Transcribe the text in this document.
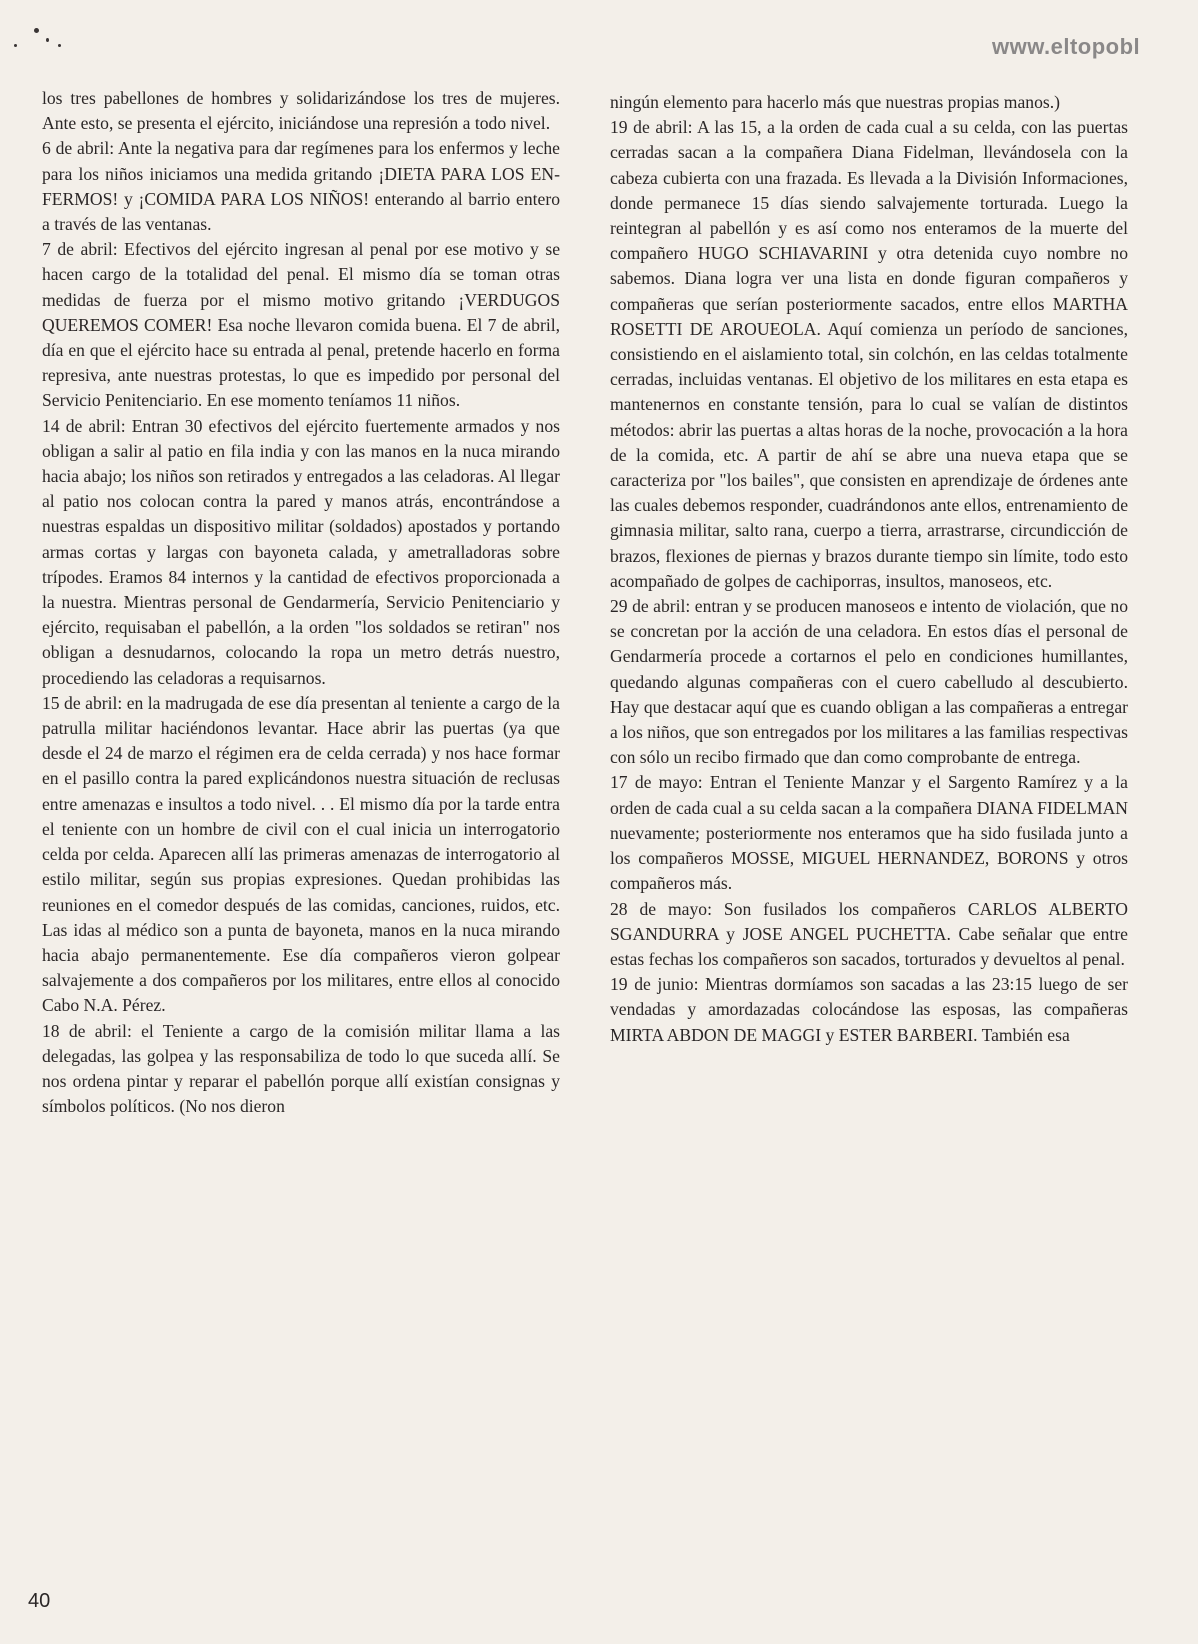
www.eltopobl

los tres pabellones de hombres y solidarizándose los tres de mujeres. Ante esto, se presenta el ejército, iniciándose una represión a todo nivel.

6 de abril: Ante la negativa para dar regímenes para los enfermos y leche para los niños iniciamos una medida gritando ¡DIETA PARA LOS EN-FERMOS! y ¡COMIDA PARA LOS NIÑOS! enterando al barrio entero a través de las ventanas.

7 de abril: Efectivos del ejército ingresan al penal por ese motivo y se hacen cargo de la totalidad del penal. El mismo día se toman otras medidas de fuerza por el mismo motivo gritando ¡VERDUGOS QUEREMOS COMER! Esa noche llevaron comida buena. El 7 de abril, día en que el ejército hace su entrada al penal, pretende hacerlo en forma represiva, ante nuestras protestas, lo que es impedido por personal del Servicio Penitenciario. En ese momento teníamos 11 niños.

14 de abril: Entran 30 efectivos del ejército fuertemente armados y nos obligan a salir al patio en fila india y con las manos en la nuca mirando hacia abajo; los niños son retirados y entregados a las celadoras. Al llegar al patio nos colocan contra la pared y manos atrás, encontrándose a nuestras espaldas un dispositivo militar (soldados) apostados y portando armas cortas y largas con bayoneta calada, y ametralladoras sobre trípodes. Eramos 84 internos y la cantidad de efectivos proporcionada a la nuestra. Mientras personal de Gendarmería, Servicio Penitenciario y ejército, requisaban el pabellón, a la orden "los soldados se retiran" nos obligan a desnudarnos, colocando la ropa un metro detrás nuestro, procediendo las celadoras a requisarnos.

15 de abril: en la madrugada de ese día presentan al teniente a cargo de la patrulla militar haciéndonos levantar. Hace abrir las puertas (ya que desde el 24 de marzo el régimen era de celda cerrada) y nos hace formar en el pasillo contra la pared explicándonos nuestra situación de reclusas entre amenazas e insultos a todo nivel. . . El mismo día por la tarde entra el teniente con un hombre de civil con el cual inicia un interrogatorio celda por celda. Aparecen allí las primeras amenazas de interrogatorio al estilo militar, según sus propias expresiones. Quedan prohibidas las reuniones en el comedor después de las comidas, canciones, ruidos, etc. Las idas al médico son a punta de bayoneta, manos en la nuca mirando hacia abajo permanentemente. Ese día compañeros vieron golpear salvajemente a dos compañeros por los militares, entre ellos al conocido Cabo N.A. Pérez.

18 de abril: el Teniente a cargo de la comisión militar llama a las delegadas, las golpea y las responsabiliza de todo lo que suceda allí. Se nos ordena pintar y reparar el pabellón porque allí existían consignas y símbolos políticos. (No nos dieron

ningún elemento para hacerlo más que nuestras propias manos.)

19 de abril: A las 15, a la orden de cada cual a su celda, con las puertas cerradas sacan a la compañera Diana Fidelman, llevándosela con la cabeza cubierta con una frazada. Es llevada a la División Informaciones, donde permanece 15 días siendo salvajemente torturada. Luego la reintegran al pabellón y es así como nos enteramos de la muerte del compañero HUGO SCHIAVARINI y otra detenida cuyo nombre no sabemos. Diana logra ver una lista en donde figuran compañeros y compañeras que serían posteriormente sacados, entre ellos MARTHA ROSETTI DE AROUEOLA. Aquí comienza un período de sanciones, consistiendo en el aislamiento total, sin colchón, en las celdas totalmente cerradas, incluidas ventanas. El objetivo de los militares en esta etapa es mantenernos en constante tensión, para lo cual se valían de distintos métodos: abrir las puertas a altas horas de la noche, provocación a la hora de la comida, etc. A partir de ahí se abre una nueva etapa que se caracteriza por "los bailes", que consisten en aprendizaje de órdenes ante las cuales debemos responder, cuadrándonos ante ellos, entrenamiento de gimnasia militar, salto rana, cuerpo a tierra, arrastrarse, circundicción de brazos, flexiones de piernas y brazos durante tiempo sin límite, todo esto acompañado de golpes de cachiporras, insultos, manoseos, etc.

29 de abril: entran y se producen manoseos e intento de violación, que no se concretan por la acción de una celadora. En estos días el personal de Gendarmería procede a cortarnos el pelo en condiciones humillantes, quedando algunas compañeras con el cuero cabelludo al descubierto. Hay que destacar aquí que es cuando obligan a las compañeras a entregar a los niños, que son entregados por los militares a las familias respectivas con sólo un recibo firmado que dan como comprobante de entrega.

17 de mayo: Entran el Teniente Manzar y el Sargento Ramírez y a la orden de cada cual a su celda sacan a la compañera DIANA FIDELMAN nuevamente; posteriormente nos enteramos que ha sido fusilada junto a los compañeros MOSSE, MIGUEL HERNANDEZ, BORONS y otros compañeros más.

28 de mayo: Son fusilados los compañeros CARLOS ALBERTO SGANDURRA y JOSE ANGEL PUCHETTA. Cabe señalar que entre estas fechas los compañeros son sacados, torturados y devueltos al penal.

19 de junio: Mientras dormíamos son sacadas a las 23:15 luego de ser vendadas y amordazadas colocándose las esposas, las compañeras MIRTA ABDON DE MAGGI y ESTER BARBERI. También esa

40
